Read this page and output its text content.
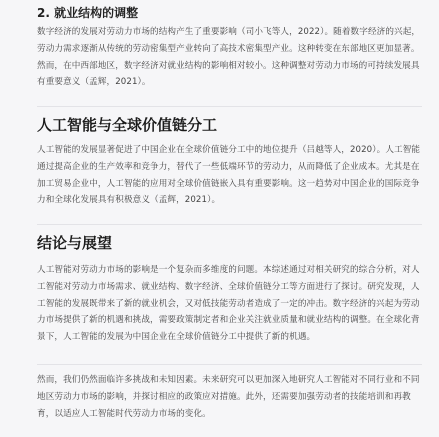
2. 就业结构的调整

数字经济的发展对劳动力市场的结构产生了重要影响（司小飞等人，2022）。随着数字经济的兴起，劳动力需求逐渐从传统的劳动密集型产业转向了高技术密集型产业。这种转变在东部地区更加显著。然而，在中西部地区，数字经济对就业结构的影响相对较小。这种调整对劳动力市场的可持续发展具有重要意义（孟辉，2021）。

人工智能与全球价值链分工

人工智能的发展显著促进了中国企业在全球价值链分工中的地位提升（吕越等人，2020）。人工智能通过提高企业的生产效率和竞争力，替代了一些低端环节的劳动力，从而降低了企业成本。尤其是在加工贸易企业中，人工智能的应用对全球价值链嵌入具有重要影响。这一趋势对中国企业的国际竞争力和全球化发展具有积极意义（孟辉，2021）。

结论与展望

人工智能对劳动力市场的影响是一个复杂而多维度的问题。本综述通过对相关研究的综合分析，对人工智能对劳动力市场需求、就业结构、数字经济、全球价值链分工等方面进行了探讨。研究发现，人工智能的发展既带来了新的就业机会，又对低技能劳动者造成了一定的冲击。数字经济的兴起为劳动力市场提供了新的机遇和挑战，需要政策制定者和企业关注就业质量和就业结构的调整。在全球化背景下，人工智能的发展为中国企业在全球价值链分工中提供了新的机遇。

然而，我们仍然面临许多挑战和未知因素。未来研究可以更加深入地研究人工智能对不同行业和不同地区劳动力市场的影响，并探讨相应的政策应对措施。此外，还需要加强劳动者的技能培训和再教育，以适应人工智能时代劳动力市场的变化。
